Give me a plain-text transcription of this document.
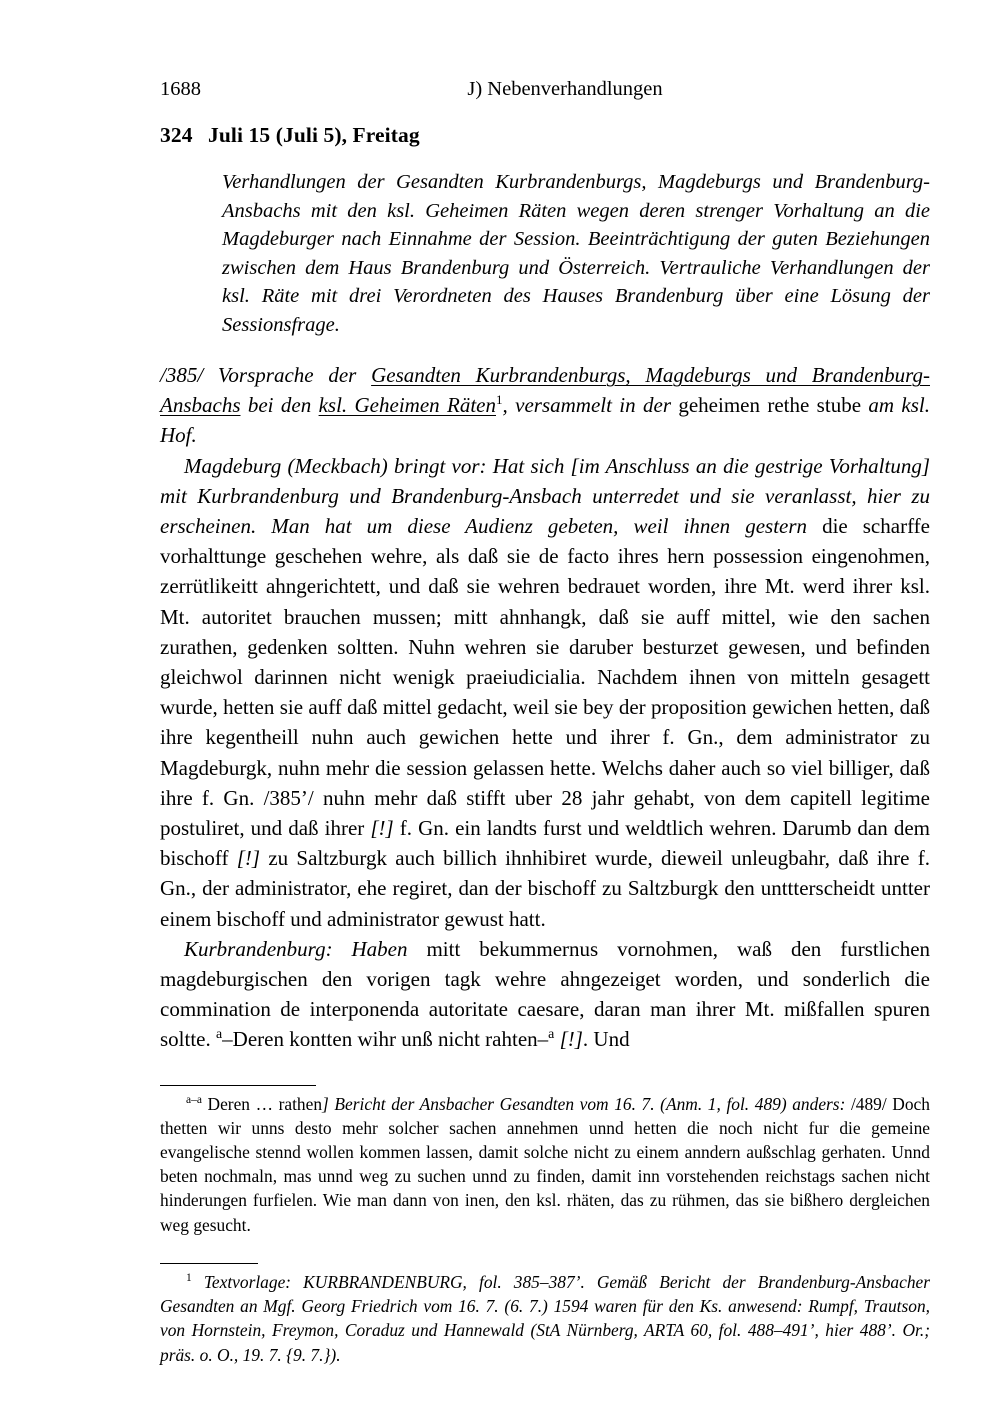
1688	J) Nebenverhandlungen
324 Juli 15 (Juli 5), Freitag
Verhandlungen der Gesandten Kurbrandenburgs, Magdeburgs und Brandenburg-Ansbachs mit den ksl. Geheimen Räten wegen deren strenger Vorhaltung an die Magdeburger nach Einnahme der Session. Beeinträchtigung der guten Beziehungen zwischen dem Haus Brandenburg und Österreich. Vertrauliche Verhandlungen der ksl. Räte mit drei Verordneten des Hauses Brandenburg über eine Lösung der Sessionsfrage.

/385/ Vorsprache der Gesandten Kurbrandenburgs, Magdeburgs und Brandenburg-Ansbachs bei den ksl. Geheimen Räten$^1$, versammelt in der geheimen rethe stube am ksl. Hof.

Magdeburg (Meckbach) bringt vor: Hat sich [im Anschluss an die gestrige Vorhaltung] mit Kurbrandenburg und Brandenburg-Ansbach unterredet und sie veranlasst, hier zu erscheinen. Man hat um diese Audienz gebeten, weil ihnen gestern die scharffe vorhalttunge geschehen wehre, als daß sie de facto ihres hern possession eingenohmen, zerrütlikeitt ahngerichtett, und daß sie wehren bedrauet worden, ihre Mt. werd ihrer ksl. Mt. autoritet brauchen mussen; mitt ahnhangk, daß sie auff mittel, wie den sachen zurathen, gedenken soltten. Nuhn wehren sie daruber besturzet gewesen, und befinden gleichwol darinnen nicht wenigk praeiudicialia. Nachdem ihnen von mitteln gesagett wurde, hetten sie auff daß mittel gedacht, weil sie bey der proposition gewichen hetten, daß ihre kegentheill nuhn auch gewichen hette und ihrer f. Gn., dem administrator zu Magdeburgk, nuhn mehr die session gelassen hette. Welchs daher auch so viel billiger, daß ihre f. Gn. /385’/ nuhn mehr daß stifft uber 28 jahr gehabt, von dem capitell legitime postuliret, und daß ihrer [!] f. Gn. ein landts furst und weldtlich wehren. Darumb dan dem bischoff [!] zu Saltzburgk auch billich ihnhibiret wurde, dieweil unleugbahr, daß ihre f. Gn., der administrator, ehe regiret, dan der bischoff zu Saltzburgk den unttterscheidt untter einem bischoff und administrator gewust hatt.

Kurbrandenburg: Haben mitt bekummernus vornohmen, waß den furstlichen magdeburgischen den vorigen tagk wehre ahngezeiget worden, und sonderlich die commination de interponenda autoritate caesare, daran man ihrer Mt. mißfallen spuren soltte. $^a$–Deren kontten wihr unß nicht rahten–$^a$ [!]. Und

$^{a-a}$ Deren … rathen] Bericht der Ansbacher Gesandten vom 16. 7. (Anm. 1, fol. 489) anders: /489/ Doch thetten wir unns desto mehr solcher sachen annehmen unnd hetten die noch nicht fur die gemeine evangelische stennd wollen kommen lassen, damit solche nicht zu einem anndern außschlag gerhaten. Unnd beten nochmaln, mas unnd weg zu suchen unnd zu finden, damit inn vorstehenden reichstags sachen nicht hinderungen furfielen. Wie man dann von inen, den ksl. rhäten, das zu rühmen, das sie bißhero dergleichen weg gesucht.
$^1$ Textvorlage: KURBRANDENBURG, fol. 385–387’. Gemäß Bericht der Brandenburg-Ansbacher Gesandten an Mgf. Georg Friedrich vom 16. 7. (6. 7.) 1594 waren für den Ks. anwesend: Rumpf, Trautson, von Hornstein, Freymon, Coraduz und Hannewald (StA Nürnberg, ARTA 60, fol. 488–491’, hier 488’. Or.; präs. o. O., 19. 7. {9. 7.}).
